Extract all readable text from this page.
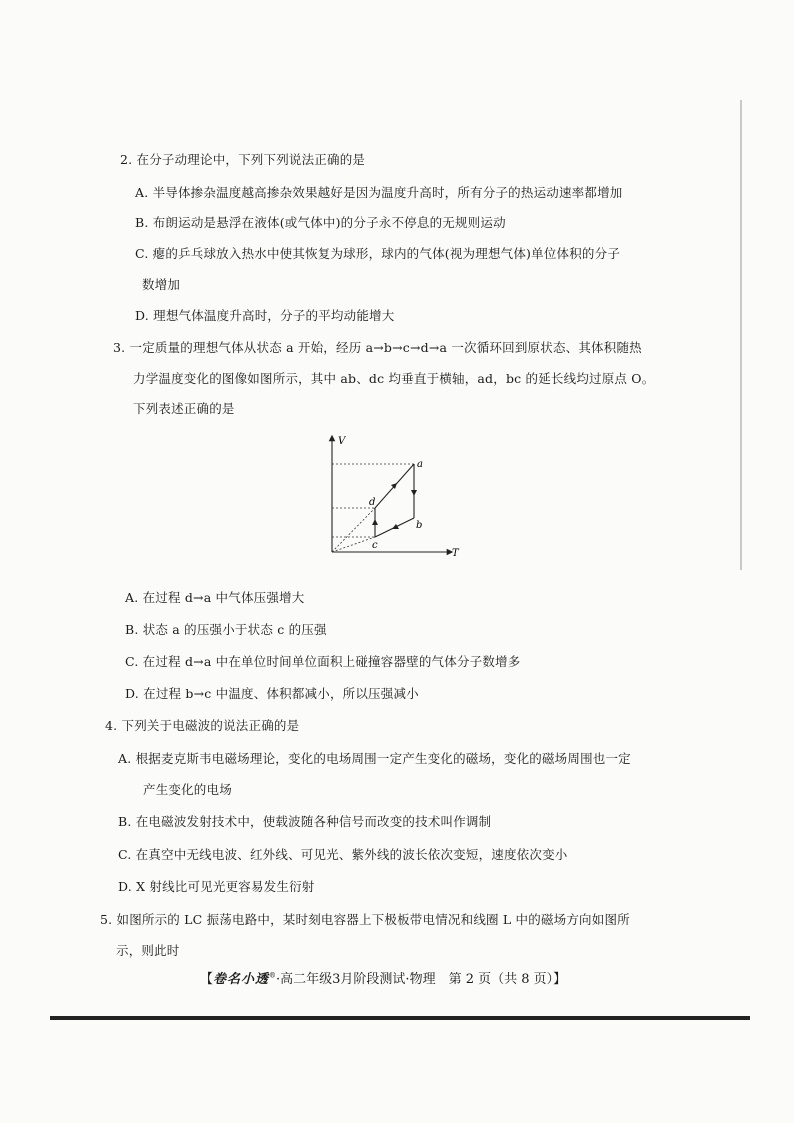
2. 在分子动理论中，下列下列说法正确的是
A. 半导体掺杂温度越高掺杂效果越好是因为温度升高时，所有分子的热运动速率都增加
B. 布朗运动是悬浮在液体(或气体中)的分子永不停息的无规则运动
C. 瘪的乒乓球放入热水中使其恢复为球形，球内的气体(视为理想气体)单位体积的分子
数增加
D. 理想气体温度升高时，分子的平均动能增大
3. 一定质量的理想气体从状态 a 开始，经历 a→b→c→d→a 一次循环回到原状态、其体积随热
力学温度变化的图像如图所示，其中 ab、dc 均垂直于横轴，ad，bc 的延长线均过原点 O。
下列表述正确的是
V
T
a
b
c
d
A. 在过程 d→a 中气体压强增大
B. 状态 a 的压强小于状态 c 的压强
C. 在过程 d→a 中在单位时间单位面积上碰撞容器壁的气体分子数增多
D. 在过程 b→c 中温度、体积都减小，所以压强减小
4. 下列关于电磁波的说法正确的是
A. 根据麦克斯韦电磁场理论，变化的电场周围一定产生变化的磁场，变化的磁场周围也一定
产生变化的电场
B. 在电磁波发射技术中，使载波随各种信号而改变的技术叫作调制
C. 在真空中无线电波、红外线、可见光、紫外线的波长依次变短，速度依次变小
D. X 射线比可见光更容易发生衍射
5. 如图所示的 LC 振荡电路中，某时刻电容器上下极板带电情况和线圈 L 中的磁场方向如图所
示，则此时
【卷名小透®·高二年级3月阶段测试·物理　第 2 页（共 8 页）】
